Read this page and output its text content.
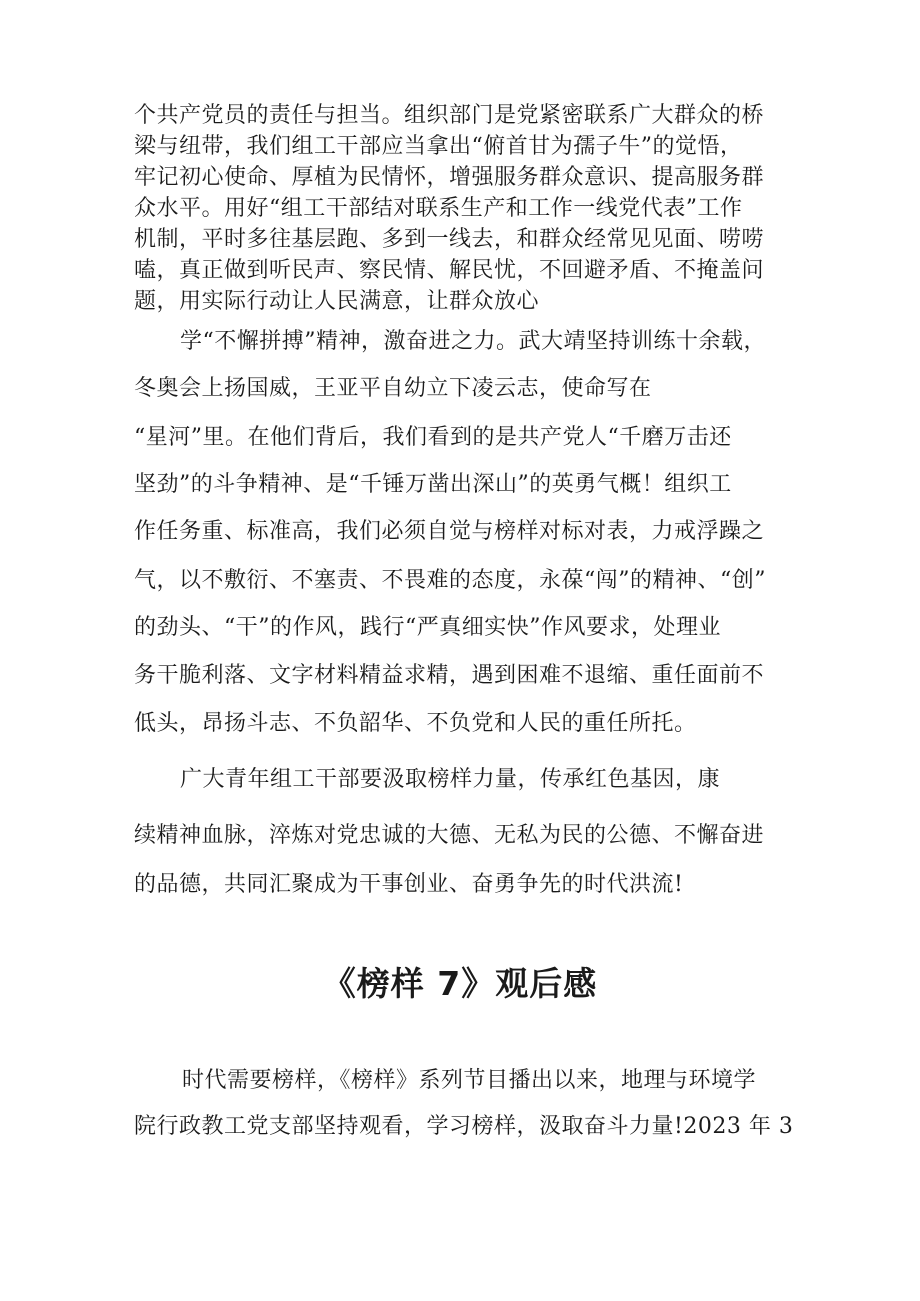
个共产党员的责任与担当。组织部门是党紧密联系广大群众的桥
梁与纽带，我们组工干部应当拿出“俯首甘为孺子牛”的觉悟，
牢记初心使命、厚植为民情怀，增强服务群众意识、提高服务群
众水平。用好“组工干部结对联系生产和工作一线党代表”工作
机制，平时多往基层跑、多到一线去，和群众经常见见面、唠唠
嗑，真正做到听民声、察民情、解民忧，不回避矛盾、不掩盖问
题，用实际行动让人民满意，让群众放心
学“不懈拼搏”精神，激奋进之力。武大靖坚持训练十余载，
冬奥会上扬国威，王亚平自幼立下凌云志，使命写在
“星河”里。在他们背后，我们看到的是共产党人“千磨万击还
坚劲”的斗争精神、是“千锤万凿出深山”的英勇气概！组织工
作任务重、标准高，我们必须自觉与榜样对标对表，力戒浮躁之
气，以不敷衍、不塞责、不畏难的态度，永葆“闯”的精神、“创”
的劲头、“干”的作风，践行“严真细实快”作风要求，处理业
务干脆利落、文字材料精益求精，遇到困难不退缩、重任面前不
低头，昂扬斗志、不负韶华、不负党和人民的重任所托。
广大青年组工干部要汲取榜样力量，传承红色基因，康
续精神血脉，淬炼对党忠诚的大德、无私为民的公德、不懈奋进
的品德，共同汇聚成为干事创业、奋勇争先的时代洪流!
《榜样 7》观后感
时代需要榜样，《榜样》系列节目播出以来，地理与环境学
院行政教工党支部坚持观看，学习榜样，汲取奋斗力量!2023 年 3
